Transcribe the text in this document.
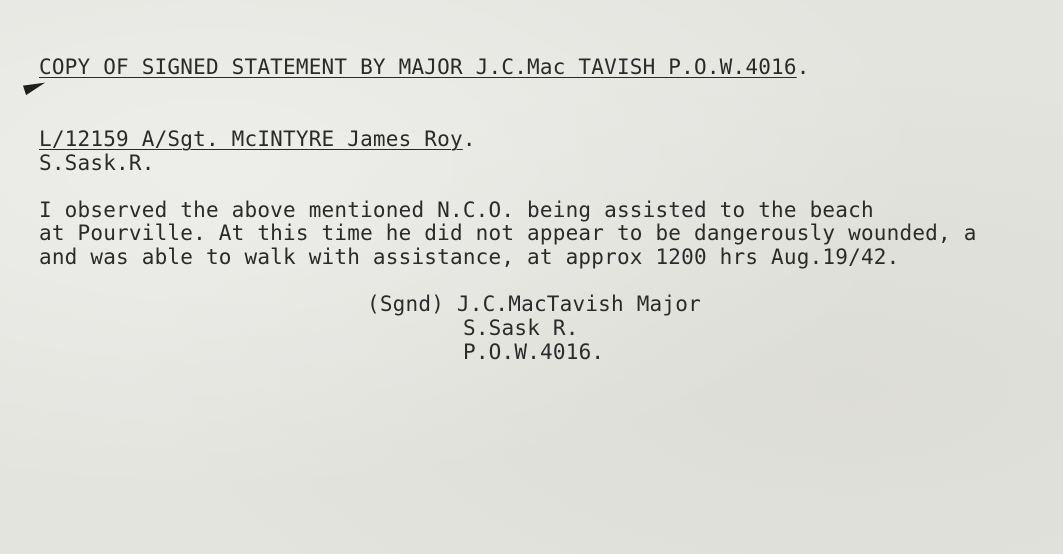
COPY OF SIGNED STATEMENT BY MAJOR J.C.Mac TAVISH P.O.W.4016.
L/12159 A/Sgt. McINTYRE James Roy.
S.Sask.R.
I observed the above mentioned N.C.O. being assisted to the beach
at Pourville. At this time he did not appear to be dangerously wounded, a
and was able to walk with assistance, at approx 1200 hrs Aug.19/42.
(Sgnd) J.C.MacTavish Major
S.Sask R.
P.O.W.4016.
